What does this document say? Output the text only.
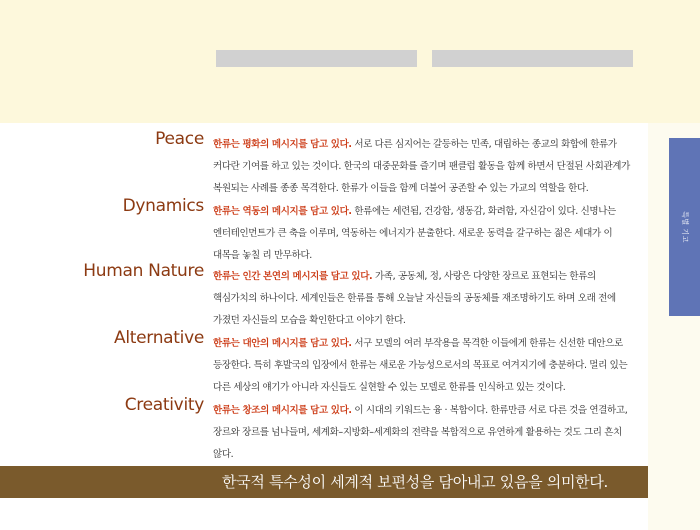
특별 기고
Peace 한류는 평화의 메시지를 담고 있다. 서로 다른 심지어는 갈등하는 민족, 대립하는 종교의 화합에 한류가 커다란 기여를 하고 있는 것이다. 한국의 대중문화를 즐기며 팬클럽 활동을 함께 하면서 단절된 사회관계가 복원되는 사례를 종종 목격한다. 한류가 이들을 함께 더불어 공존할 수 있는 가교의 역할을 한다.
Dynamics 한류는 역동의 메시지를 담고 있다. 한류에는 세련됨, 건강함, 생동감, 화려함, 자신감이 있다. 신명나는 엔터테인먼트가 큰 축을 이루며, 역동하는 에너지가 분출한다. 새로운 동력을 갈구하는 젊은 세대가 이 대목을 놓칠 리 만무하다.
Human Nature 한류는 인간 본연의 메시지를 담고 있다. 가족, 공동체, 정, 사랑은 다양한 장르로 표현되는 한류의 핵심가치의 하나이다. 세계인들은 한류를 통해 오늘날 자신들의 공동체를 재조명하기도 하며 오래 전에 가졌던 자신들의 모습을 확인한다고 이야기 한다.
Alternative 한류는 대안의 메시지를 담고 있다. 서구 모델의 여러 부작용을 목격한 이들에게 한류는 신선한 대안으로 등장한다. 특히 후발국의 입장에서 한류는 새로운 가능성으로서의 목표로 여겨지기에 충분하다. 멀리 있는 다른 세상의 얘기가 아니라 자신들도 실현할 수 있는 모델로 한류를 인식하고 있는 것이다.
Creativity 한류는 창조의 메시지를 담고 있다. 이 시대의 키워드는 융 · 복합이다. 한류만큼 서로 다른 것을 연결하고, 장르와 장르를 넘나들며, 세계화–지방화–세계화의 전략을 복합적으로 유연하게 활용하는 것도 그리 흔치 않다.
한국적 특수성이 세계적 보편성을 담아내고 있음을 의미한다.
